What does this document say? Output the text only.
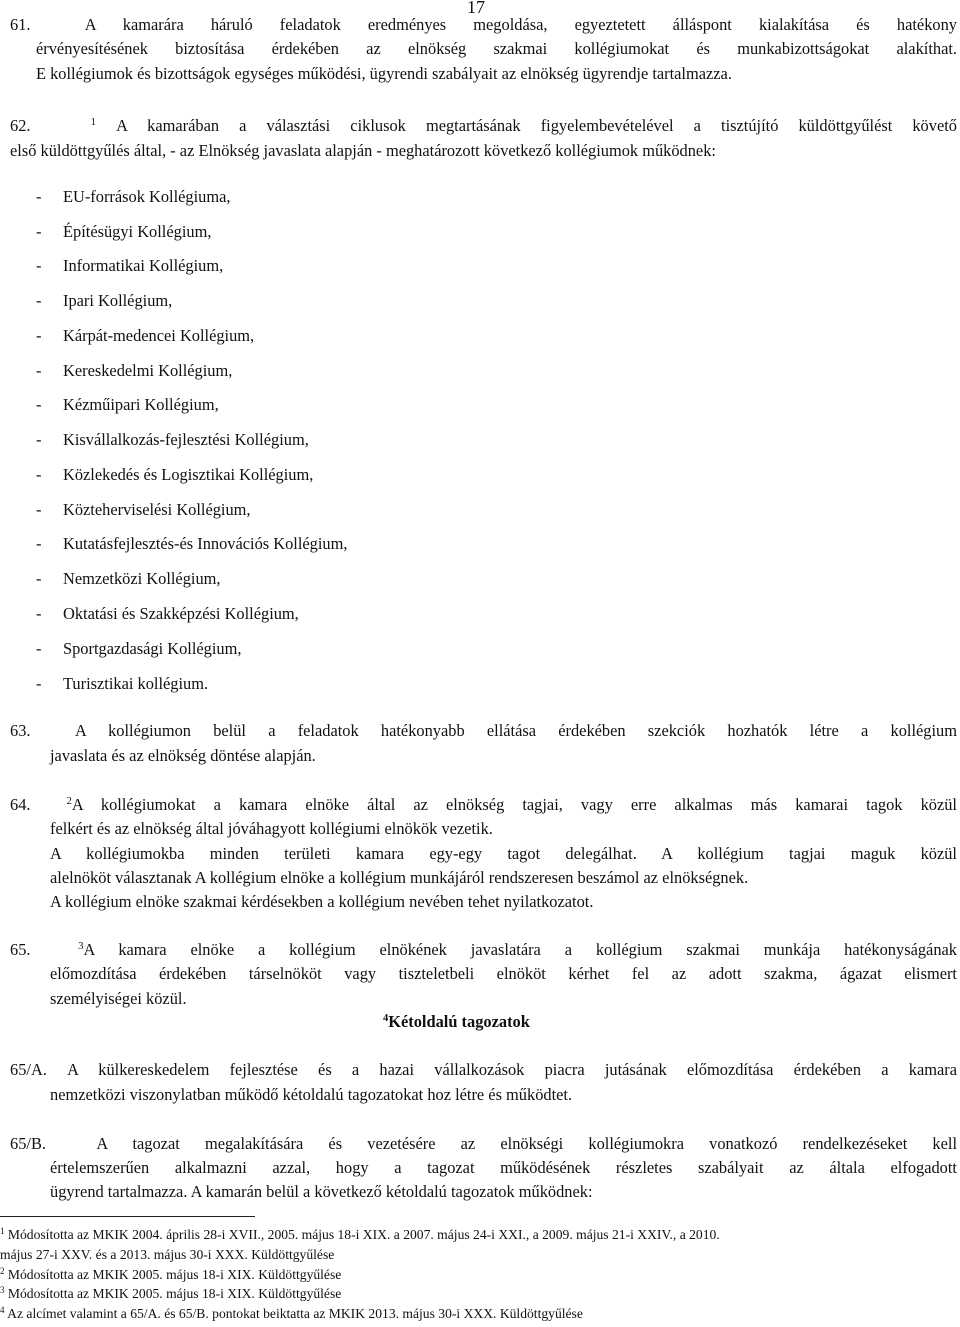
17
61.	A kamarára háruló feladatok eredményes megoldása, egyeztetett álláspont kialakítása és hatékony
érvényesítésének biztosítása érdekében az elnökség szakmai kollégiumokat és munkabizottságokat alakíthat.
E kollégiumok és bizottságok egységes működési, ügyrendi szabályait az elnökség ügyrendje tartalmazza.
62.	$^1$ A kamarában a választási ciklusok megtartásának figyelembevételével a tisztújító küldöttgyűlést követő
első küldöttgyűlés által, - az Elnökség javaslata alapján - meghatározott következő kollégiumok működnek:
- EU-források Kollégiuma,
- Építésügyi Kollégium,
- Informatikai Kollégium,
- Ipari Kollégium,
- Kárpát-medencei Kollégium,
- Kereskedelmi Kollégium,
- Kézműipari Kollégium,
- Kisvállalkozás-fejlesztési Kollégium,
- Közlekedés és Logisztikai Kollégium,
- Közteherviselési Kollégium,
- Kutatásfejlesztés-és Innovációs Kollégium,
- Nemzetközi Kollégium,
- Oktatási és Szakképzési Kollégium,
- Sportgazdasági Kollégium,
- Turisztikai kollégium.
63.	A kollégiumon belül a feladatok hatékonyabb ellátása érdekében szekciók hozhatók létre a kollégium
javaslata és az elnökség döntése alapján.
64.	$^2$A kollégiumokat a kamara elnöke által az elnökség tagjai, vagy erre alkalmas más kamarai tagok közül
felkért és az elnökség által jóváhagyott kollégiumi elnökök vezetik.
A kollégiumokba minden területi kamara egy-egy tagot delegálhat. A kollégium tagjai maguk közül
alelnököt választanak A kollégium elnöke a kollégium munkájáról rendszeresen beszámol az elnökségnek.
A kollégium elnöke szakmai kérdésekben a kollégium nevében tehet nyilatkozatot.
65.	$^3$A kamara elnöke a kollégium elnökének javaslatára a kollégium szakmai munkája hatékonyságának
előmozdítása érdekében társelnököt vagy tiszteletbeli elnököt kérhet fel az adott szakma, ágazat elismert
személyiségei közül.
$^4$Kétoldalú tagozatok
65/A. A külkereskedelem fejlesztése és a hazai vállalkozások piacra jutásának előmozdítása érdekében a kamara
nemzetközi viszonylatban működő kétoldalú tagozatokat hoz létre és működtet.
65/B.	A tagozat megalakítására és vezetésére az elnökségi kollégiumokra vonatkozó rendelkezéseket kell
értelemszerűen alkalmazni azzal, hogy a tagozat működésének részletes szabályait az általa elfogadott
ügyrend tartalmazza. A kamarán belül a következő kétoldalú tagozatok működnek:
$^1$ Módosította az MKIK 2004. április 28-i XVII., 2005. május 18-i XIX. a 2007. május 24-i XXI., a 2009. május 21-i XXIV., a 2010.
május 27-i XXV. és a 2013. május 30-i XXX. Küldöttgyűlése
$^2$ Módosította az MKIK 2005. május 18-i XIX. Küldöttgyűlése
$^3$ Módosította az MKIK 2005. május 18-i XIX. Küldöttgyűlése
$^4$ Az alcímet valamint a 65/A. és 65/B. pontokat beiktatta az MKIK 2013. május 30-i XXX. Küldöttgyűlése
